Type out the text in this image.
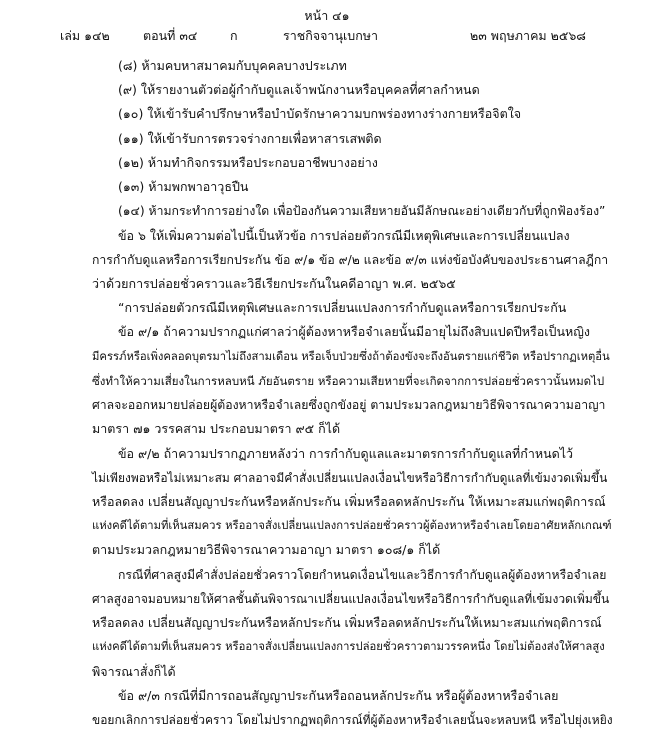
หน้า ๔๑
เล่ม ๑๔๒	ตอนที่ ๓๔	ก	ราชกิจจานุเบกษา	๒๓ พฤษภาคม ๒๕๖๘
(๘) ห้ามคบหาสมาคมกับบุคคลบางประเภท
(๙) ให้รายงานตัวต่อผู้กำกับดูแลเจ้าพนักงานหรือบุคคลที่ศาลกำหนด
(๑๐) ให้เข้ารับคำปรึกษาหรือบำบัดรักษาความบกพร่องทางร่างกายหรือจิตใจ
(๑๑) ให้เข้ารับการตรวจร่างกายเพื่อหาสารเสพติด
(๑๒) ห้ามทำกิจกรรมหรือประกอบอาชีพบางอย่าง
(๑๓) ห้ามพกพาอาวุธปืน
(๑๔) ห้ามกระทำการอย่างใด เพื่อป้องกันความเสียหายอันมีลักษณะอย่างเดียวกับที่ถูกฟ้องร้อง”
ข้อ ๖ ให้เพิ่มความต่อไปนี้เป็นหัวข้อ การปล่อยตัวกรณีมีเหตุพิเศษและการเปลี่ยนแปลง
การกำกับดูแลหรือการเรียกประกัน ข้อ ๙/๑ ข้อ ๙/๒ และข้อ ๙/๓ แห่งข้อบังคับของประธานศาลฎีกา
ว่าด้วยการปล่อยชั่วคราวและวิธีเรียกประกันในคดีอาญา พ.ศ. ๒๕๖๕
“การปล่อยตัวกรณีมีเหตุพิเศษและการเปลี่ยนแปลงการกำกับดูแลหรือการเรียกประกัน
ข้อ ๙/๑ ถ้าความปรากฏแก่ศาลว่าผู้ต้องหาหรือจำเลยนั้นมีอายุไม่ถึงสิบแปดปีหรือเป็นหญิง
มีครรภ์หรือเพิ่งคลอดบุตรมาไม่ถึงสามเดือน หรือเจ็บป่วยซึ่งถ้าต้องขังจะถึงอันตรายแก่ชีวิต หรือปรากฏเหตุอื่น
ซึ่งทำให้ความเสี่ยงในการหลบหนี ภัยอันตราย หรือความเสียหายที่จะเกิดจากการปล่อยชั่วคราวนั้นหมดไป
ศาลจะออกหมายปล่อยผู้ต้องหาหรือจำเลยซึ่งถูกขังอยู่ ตามประมวลกฎหมายวิธีพิจารณาความอาญา
มาตรา ๗๑ วรรคสาม ประกอบมาตรา ๙๕ ก็ได้
ข้อ ๙/๒ ถ้าความปรากฏภายหลังว่า การกำกับดูแลและมาตรการกำกับดูแลที่กำหนดไว้
ไม่เพียงพอหรือไม่เหมาะสม ศาลอาจมีคำสั่งเปลี่ยนแปลงเงื่อนไขหรือวิธีการกำกับดูแลที่เข้มงวดเพิ่มขึ้น
หรือลดลง เปลี่ยนสัญญาประกันหรือหลักประกัน เพิ่มหรือลดหลักประกัน ให้เหมาะสมแก่พฤติการณ์
แห่งคดีได้ตามที่เห็นสมควร หรืออาจสั่งเปลี่ยนแปลงการปล่อยชั่วคราวผู้ต้องหาหรือจำเลยโดยอาศัยหลักเกณฑ์
ตามประมวลกฎหมายวิธีพิจารณาความอาญา มาตรา ๑๐๘/๑ ก็ได้
กรณีที่ศาลสูงมีคำสั่งปล่อยชั่วคราวโดยกำหนดเงื่อนไขและวิธีการกำกับดูแลผู้ต้องหาหรือจำเลย
ศาลสูงอาจมอบหมายให้ศาลชั้นต้นพิจารณาเปลี่ยนแปลงเงื่อนไขหรือวิธีการกำกับดูแลที่เข้มงวดเพิ่มขึ้น
หรือลดลง เปลี่ยนสัญญาประกันหรือหลักประกัน เพิ่มหรือลดหลักประกันให้เหมาะสมแก่พฤติการณ์
แห่งคดีได้ตามที่เห็นสมควร หรืออาจสั่งเปลี่ยนแปลงการปล่อยชั่วคราวตามวรรคหนึ่ง โดยไม่ต้องส่งให้ศาลสูง
พิจารณาสั่งก็ได้
ข้อ ๙/๓ กรณีที่มีการถอนสัญญาประกันหรือถอนหลักประกัน หรือผู้ต้องหาหรือจำเลย
ขอยกเลิกการปล่อยชั่วคราว โดยไม่ปรากฏพฤติการณ์ที่ผู้ต้องหาหรือจำเลยนั้นจะหลบหนี หรือไปยุ่งเหยิง
